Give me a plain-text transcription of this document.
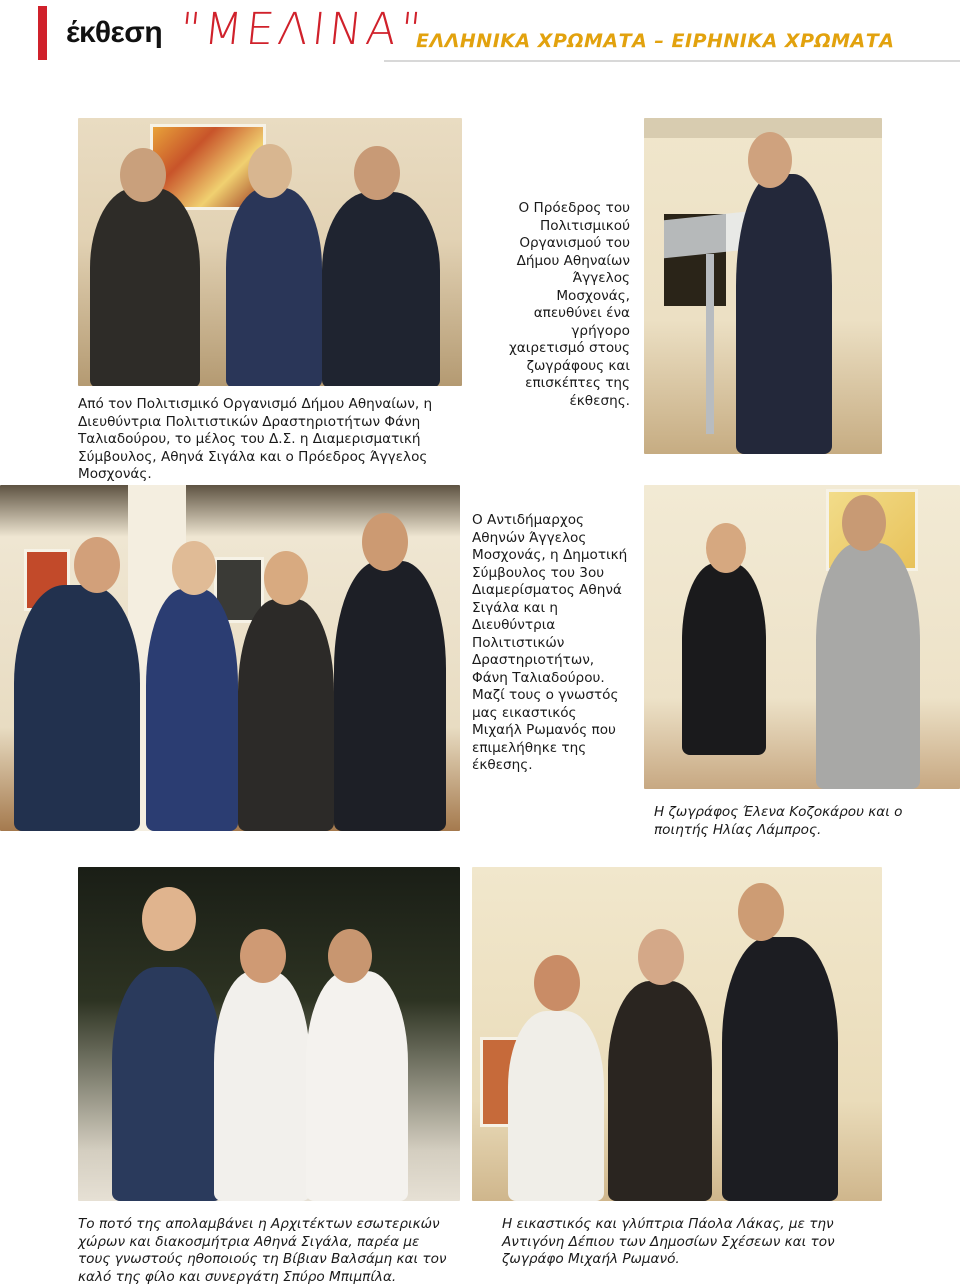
έκθεση "ΜΕΛΙΝΑ"
ΕΛΛΗΝΙΚΑ ΧΡΩΜΑΤΑ – ΕΙΡΗΝΙΚΑ ΧΡΩΜΑΤΑ
Ο Πρόεδρος του Πολιτισμικού Οργανισμού του Δήμου Αθηναίων Άγγελος Μοσχονάς, απευθύνει ένα γρήγορο χαιρετισμό στους ζωγράφους και επισκέπτες της έκθεσης.
Από τον Πολιτισμικό Οργανισμό Δήμου Αθηναίων, η Διευθύντρια Πολιτιστικών Δραστηριοτήτων Φάνη Ταλιαδούρου, το μέλος του Δ.Σ. η Διαμερισματική Σύμβουλος, Αθηνά Σιγάλα και ο Πρόεδρος Άγγελος Μοσχονάς.
Ο Αντιδήμαρχος Αθηνών Άγγελος Μοσχονάς, η Δημοτική Σύμβουλος του 3ου Διαμερίσματος Αθηνά Σιγάλα και η Διευθύντρια Πολιτιστικών Δραστηριοτήτων, Φάνη Ταλιαδούρου. Μαζί τους ο γνωστός μας εικαστικός Μιχαήλ Ρωμανός που επιμελήθηκε της έκθεσης.
Η ζωγράφος Έλενα Κοζοκάρου και ο ποιητής Ηλίας Λάμπρος.
Το ποτό της απολαμβάνει η Αρχιτέκτων εσωτερικών χώρων και διακοσμήτρια Αθηνά Σιγάλα, παρέα με τους γνωστούς ηθοποιούς τη Βίβιαν Βαλσάμη και τον καλό της φίλο και συνεργάτη Σπύρο Μπιμπίλα.
Η εικαστικός και γλύπτρια Πάολα Λάκας, με την Αντιγόνη Δέπιου των Δημοσίων Σχέσεων και τον ζωγράφο Μιχαήλ Ρωμανό.
